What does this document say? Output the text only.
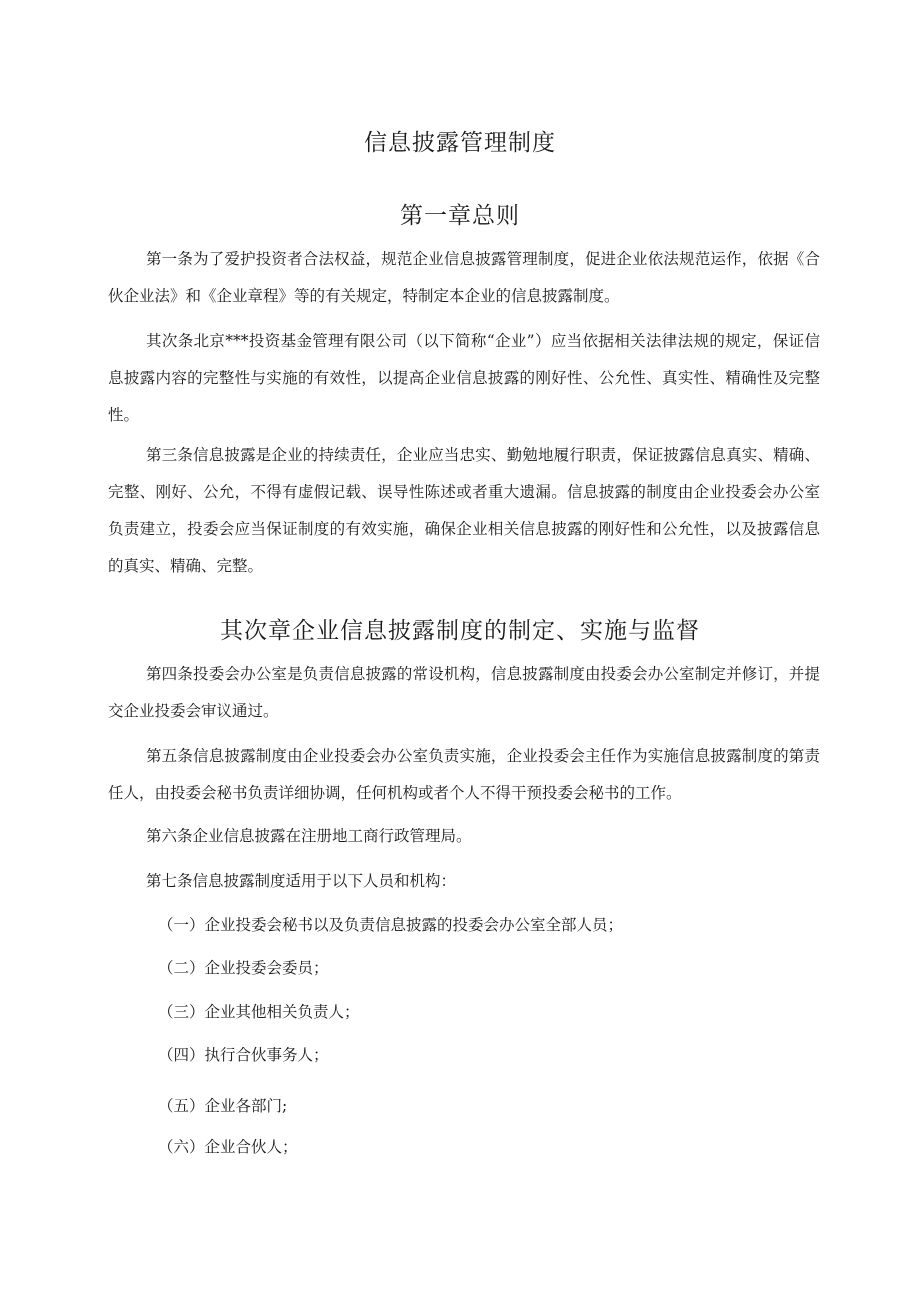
信息披露管理制度
第一章总则

第一条为了爱护投资者合法权益，规范企业信息披露管理制度，促进企业依法规范运作，依据《合伙企业法》和《企业章程》等的有关规定，特制定本企业的信息披露制度。

其次条北京***投资基金管理有限公司（以下简称“企业”）应当依据相关法律法规的规定，保证信息披露内容的完整性与实施的有效性，以提高企业信息披露的刚好性、公允性、真实性、精确性及完整性。

第三条信息披露是企业的持续责任，企业应当忠实、勤勉地履行职责，保证披露信息真实、精确、完整、刚好、公允，不得有虚假记载、误导性陈述或者重大遗漏。信息披露的制度由企业投委会办公室负责建立，投委会应当保证制度的有效实施，确保企业相关信息披露的刚好性和公允性，以及披露信息的真实、精确、完整。

其次章企业信息披露制度的制定、实施与监督

第四条投委会办公室是负责信息披露的常设机构，信息披露制度由投委会办公室制定并修订，并提交企业投委会审议通过。

第五条信息披露制度由企业投委会办公室负责实施，企业投委会主任作为实施信息披露制度的第责任人，由投委会秘书负责详细协调，任何机构或者个人不得干预投委会秘书的工作。

第六条企业信息披露在注册地工商行政管理局。

第七条信息披露制度适用于以下人员和机构：

（一）企业投委会秘书以及负责信息披露的投委会办公室全部人员；

（二）企业投委会委员；

（三）企业其他相关负责人；

（四）执行合伙事务人；

（五）企业各部门;

（六）企业合伙人；
